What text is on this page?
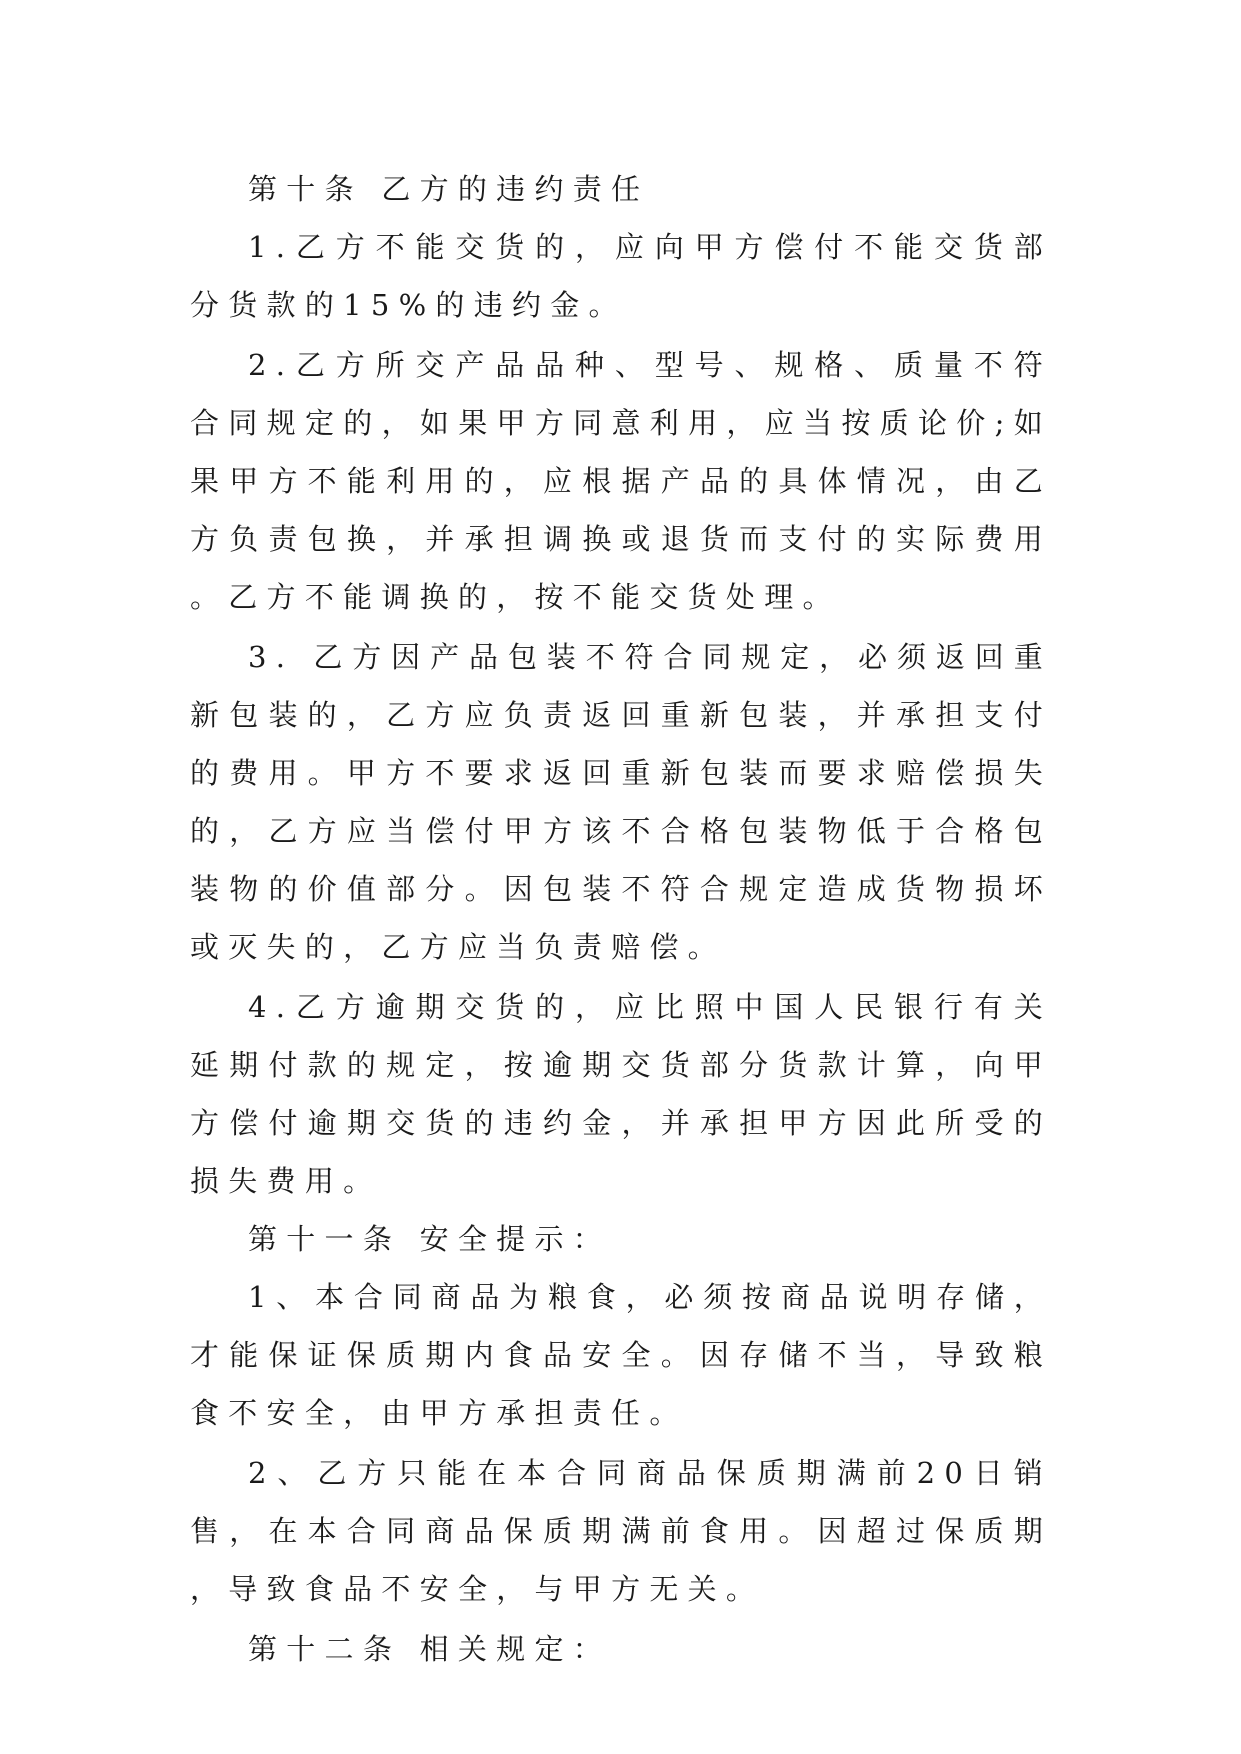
第十条 乙方的违约责任

1.乙方不能交货的，应向甲方偿付不能交货部分货款的15%的违约金。

2.乙方所交产品品种、型号、规格、质量不符合同规定的，如果甲方同意利用，应当按质论价;如果甲方不能利用的，应根据产品的具体情况，由乙方负责包换，并承担调换或退货而支付的实际费用。乙方不能调换的，按不能交货处理。

3. 乙方因产品包装不符合同规定，必须返回重新包装的，乙方应负责返回重新包装，并承担支付的费用。甲方不要求返回重新包装而要求赔偿损失的，乙方应当偿付甲方该不合格包装物低于合格包装物的价值部分。因包装不符合规定造成货物损坏或灭失的，乙方应当负责赔偿。

4.乙方逾期交货的，应比照中国人民银行有关延期付款的规定，按逾期交货部分货款计算，向甲方偿付逾期交货的违约金，并承担甲方因此所受的损失费用。

第十一条 安全提示：

1、本合同商品为粮食，必须按商品说明存储，才能保证保质期内食品安全。因存储不当，导致粮食不安全，由甲方承担责任。

2、乙方只能在本合同商品保质期满前20日销售，在本合同商品保质期满前食用。因超过保质期，导致食品不安全，与甲方无关。

第十二条 相关规定：
